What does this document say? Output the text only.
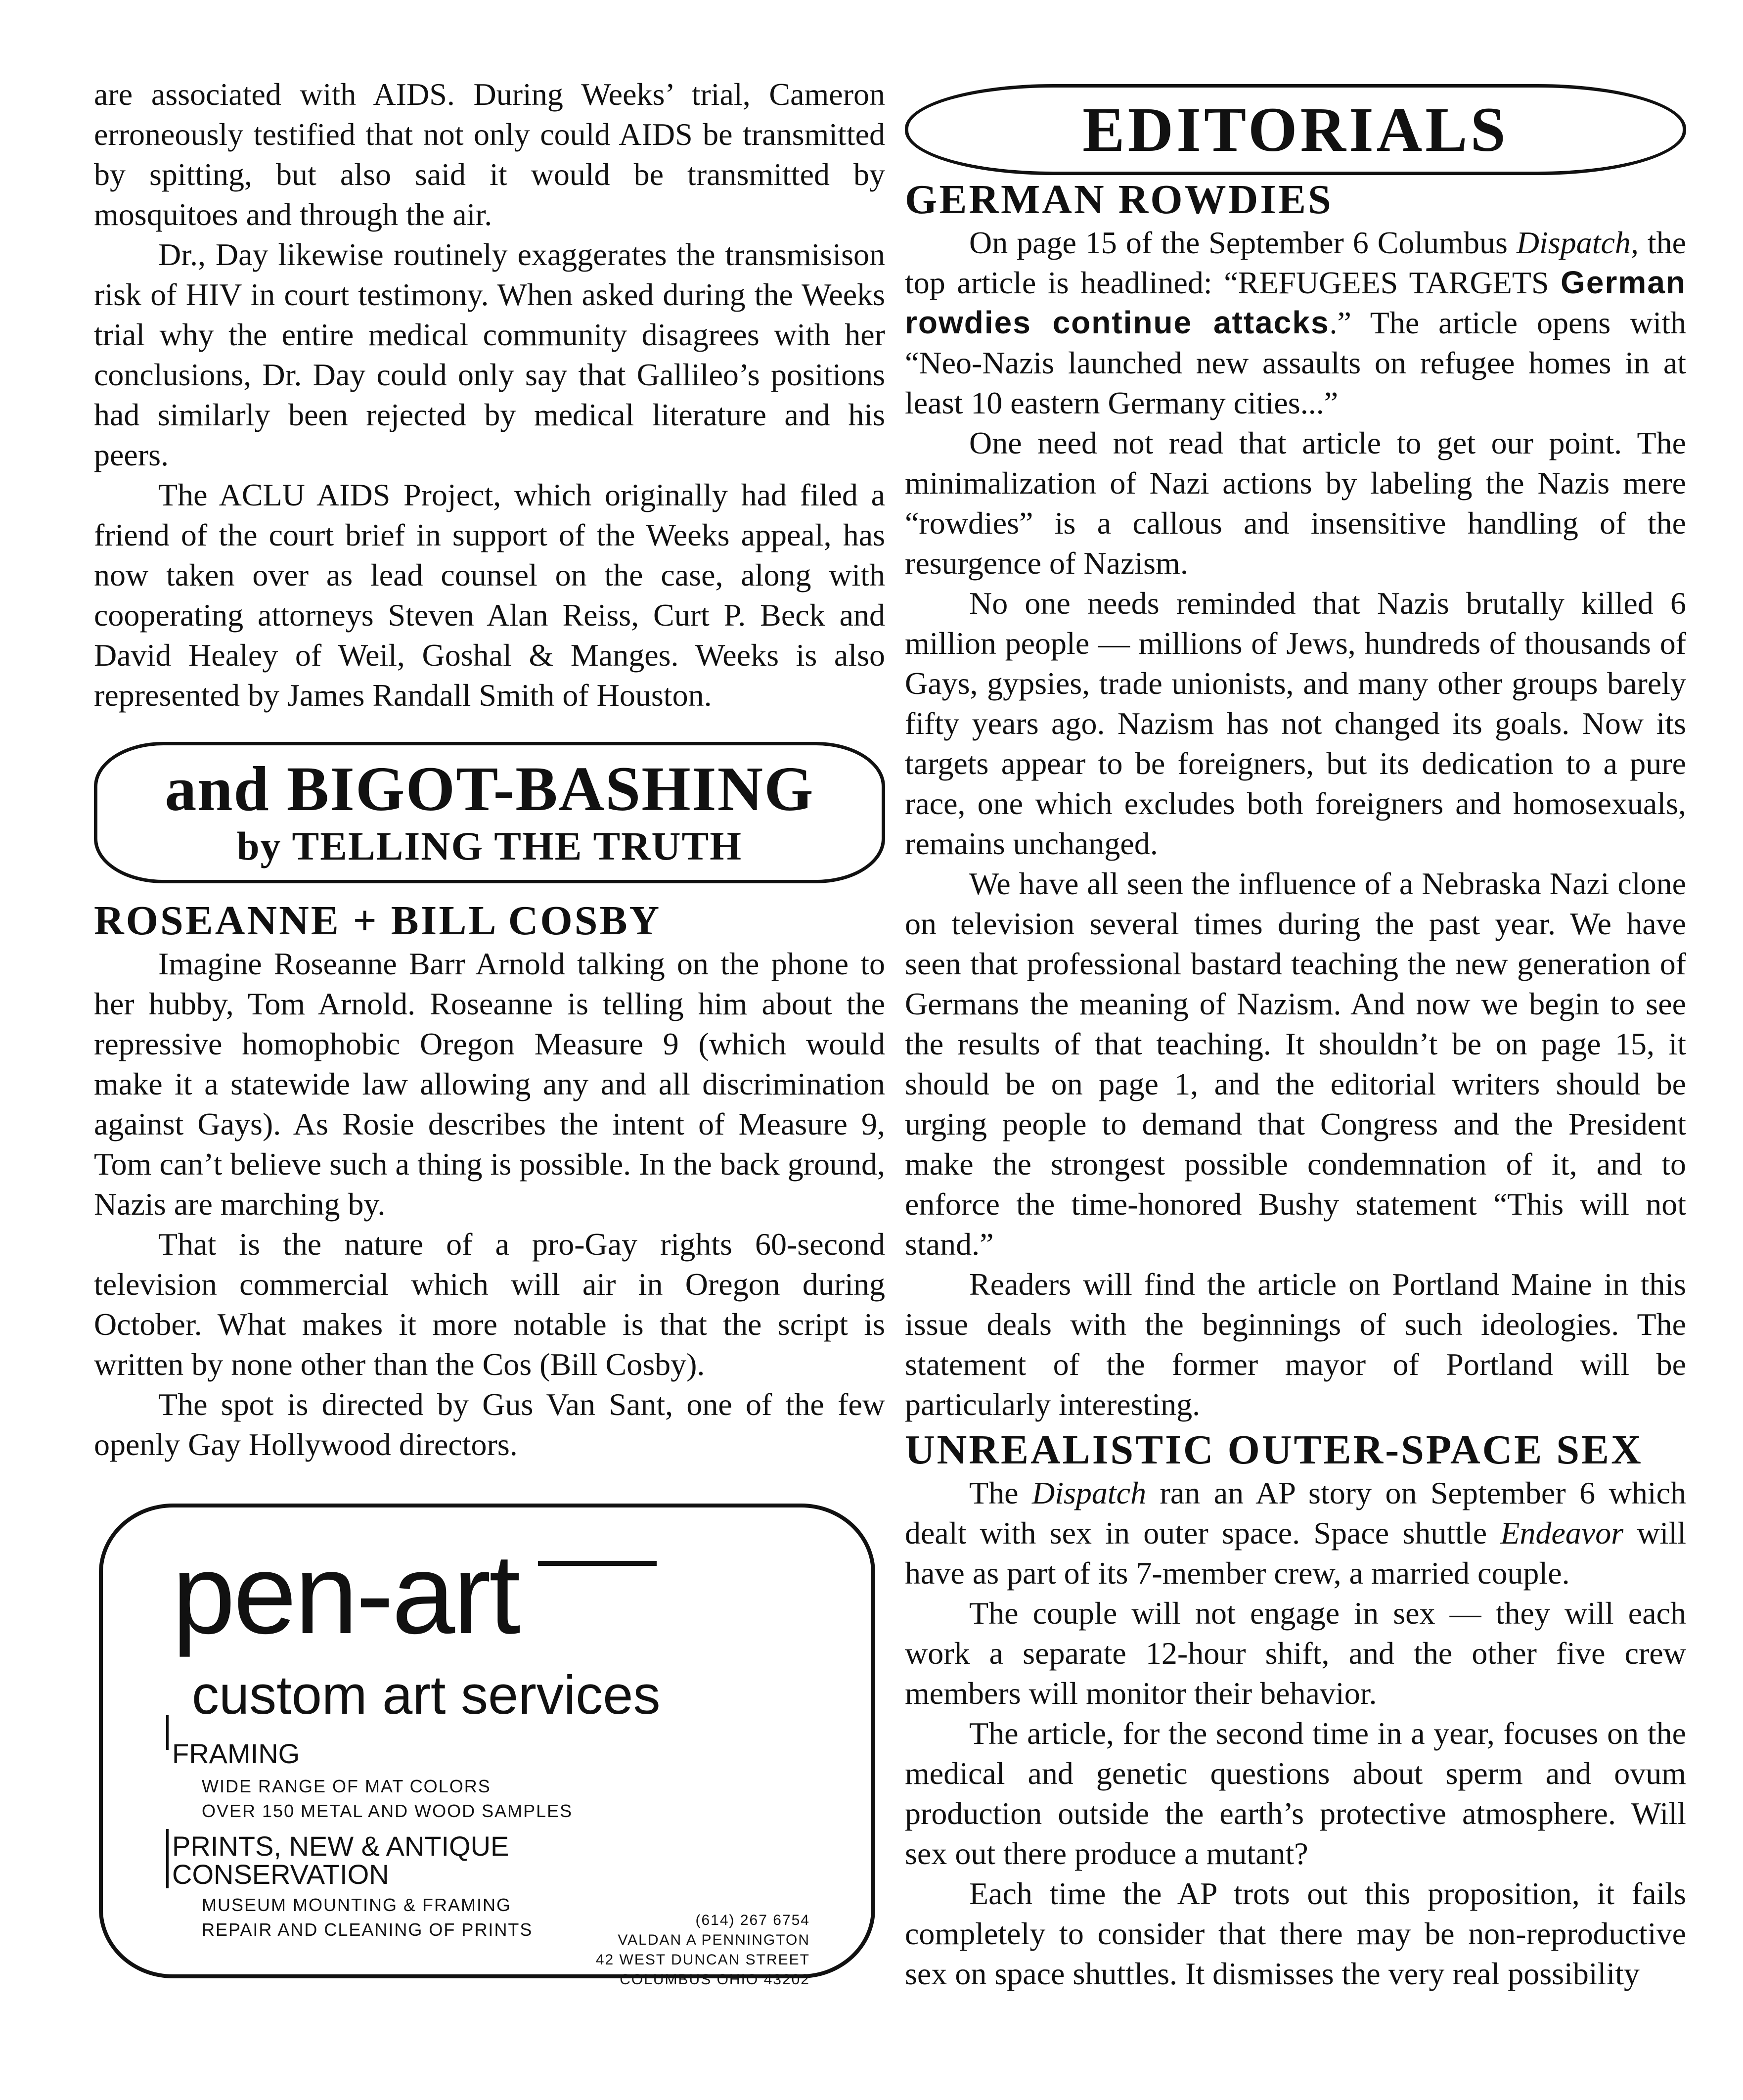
are associated with AIDS. During Weeks’ trial, Cameron erroneously testified that not only could AIDS be transmitted by spitting, but also said it would be transmitted by mosquitoes and through the air.

Dr., Day likewise routinely exaggerates the transmisison risk of HIV in court testimony. When asked during the Weeks trial why the entire medical community disagrees with her conclusions, Dr. Day could only say that Gallileo’s positions had similarly been rejected by medical literature and his peers.

The ACLU AIDS Project, which originally had filed a friend of the court brief in support of the Weeks appeal, has now taken over as lead counsel on the case, along with cooperating attorneys Steven Alan Reiss, Curt P. Beck and David Healey of Weil, Goshal & Manges. Weeks is also represented by James Randall Smith of Houston.

and BIGOT-BASHING
by TELLING THE TRUTH
ROSEANNE + BILL COSBY

Imagine Roseanne Barr Arnold talking on the phone to her hubby, Tom Arnold. Roseanne is telling him about the repressive homophobic Oregon Measure 9 (which would make it a statewide law allowing any and all discrimination against Gays). As Rosie describes the intent of Measure 9, Tom can’t believe such a thing is possible. In the back ground, Nazis are marching by.

That is the nature of a pro-Gay rights 60-second television commercial which will air in Oregon during October. What makes it more notable is that the script is written by none other than the Cos (Bill Cosby).

The spot is directed by Gus Van Sant, one of the few openly Gay Hollywood directors.

pen-art
custom art services
FRAMING
WIDE RANGE OF MAT COLORS
OVER 150 METAL AND WOOD SAMPLES
PRINTS, NEW & ANTIQUE
CONSERVATION
MUSEUM MOUNTING & FRAMING
REPAIR AND CLEANING OF PRINTS	(614) 267 6754
VALDAN A PENNINGTON
42 WEST DUNCAN STREET
COLUMBUS OHIO 43202
EDITORIALS
GERMAN ROWDIES

On page 15 of the September 6 Columbus Dispatch, the top article is headlined: “REFUGEES TARGETS German rowdies continue attacks.” The article opens with “Neo-Nazis launched new assaults on refugee homes in at least 10 eastern Germany cities...”

One need not read that article to get our point. The minimalization of Nazi actions by labeling the Nazis mere “rowdies” is a callous and insensitive handling of the resurgence of Nazism.

No one needs reminded that Nazis brutally killed 6 million people — millions of Jews, hundreds of thousands of Gays, gypsies, trade unionists, and many other groups barely fifty years ago. Nazism has not changed its goals. Now its targets appear to be foreigners, but its dedication to a pure race, one which excludes both foreigners and homosexuals, remains unchanged.

We have all seen the influence of a Nebraska Nazi clone on television several times during the past year. We have seen that professional bastard teaching the new generation of Germans the meaning of Nazism. And now we begin to see the results of that teaching. It shouldn’t be on page 15, it should be on page 1, and the editorial writers should be urging people to demand that Congress and the President make the strongest possible condemnation of it, and to enforce the time-honored Bushy statement “This will not stand.”

Readers will find the article on Portland Maine in this issue deals with the beginnings of such ideologies. The statement of the former mayor of Portland will be particularly interesting.

UNREALISTIC OUTER-SPACE SEX

The Dispatch ran an AP story on September 6 which dealt with sex in outer space. Space shuttle Endeavor will have as part of its 7-member crew, a married couple.

The couple will not engage in sex — they will each work a separate 12-hour shift, and the other five crew members will monitor their behavior.

The article, for the second time in a year, focuses on the medical and genetic questions about sperm and ovum production outside the earth’s protective atmosphere. Will sex out there produce a mutant?

Each time the AP trots out this proposition, it fails completely to consider that there may be non-reproductive sex on space shuttles. It dismisses the very real possibility
